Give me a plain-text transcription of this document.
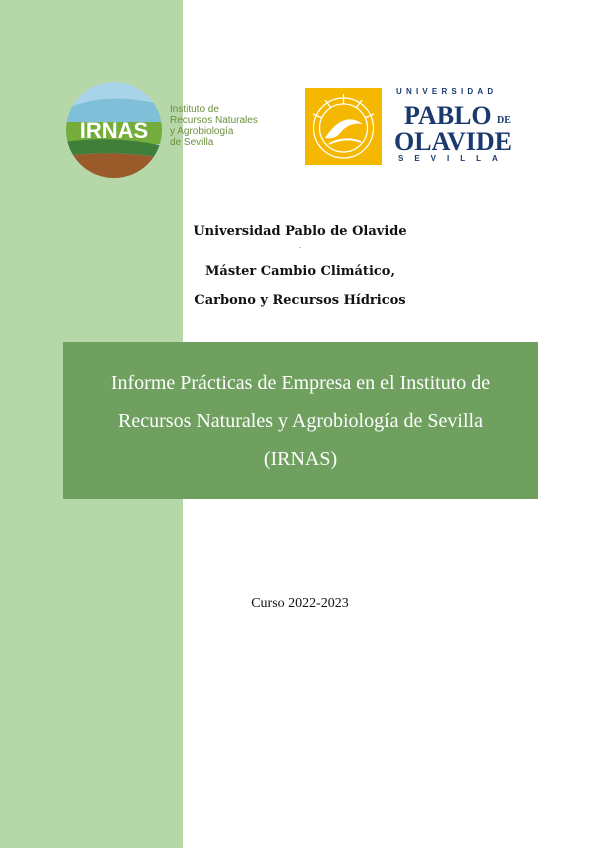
IRNAS
Instituto de
Recursos Naturales
y Agrobiología
de Sevilla
UNIVERSIDAD
PABLO DE
OLAVIDE
SEVILLA
Universidad Pablo de Olavide
.
Máster Cambio Climático,
Carbono y Recursos Hídricos
Informe Prácticas de Empresa en el Instituto de Recursos Naturales y Agrobiología de Sevilla (IRNAS)
Curso 2022-2023
